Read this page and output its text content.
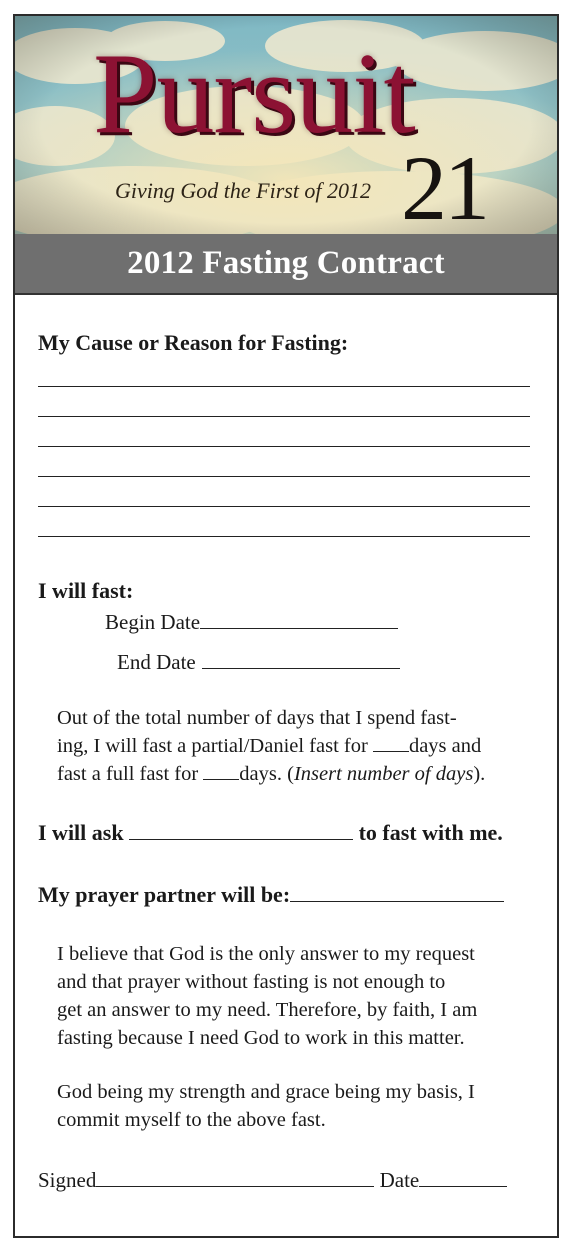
Pursuit
Giving God the First of 2012 21
2012 Fasting Contract
My Cause or Reason for Fasting:
I will fast:
Begin Date
End Date
Out of the total number of days that I spend fast-
ing, I will fast a partial/Daniel fast for days and
fast a full fast for days. (Insert number of days).
I will ask	to fast with me.
My prayer partner will be:
I believe that God is the only answer to my request
and that prayer without fasting is not enough to
get an answer to my need. Therefore, by faith, I am
fasting because I need God to work in this matter.
God being my strength and grace being my basis, I
commit myself to the above fast.
Signed	Date
